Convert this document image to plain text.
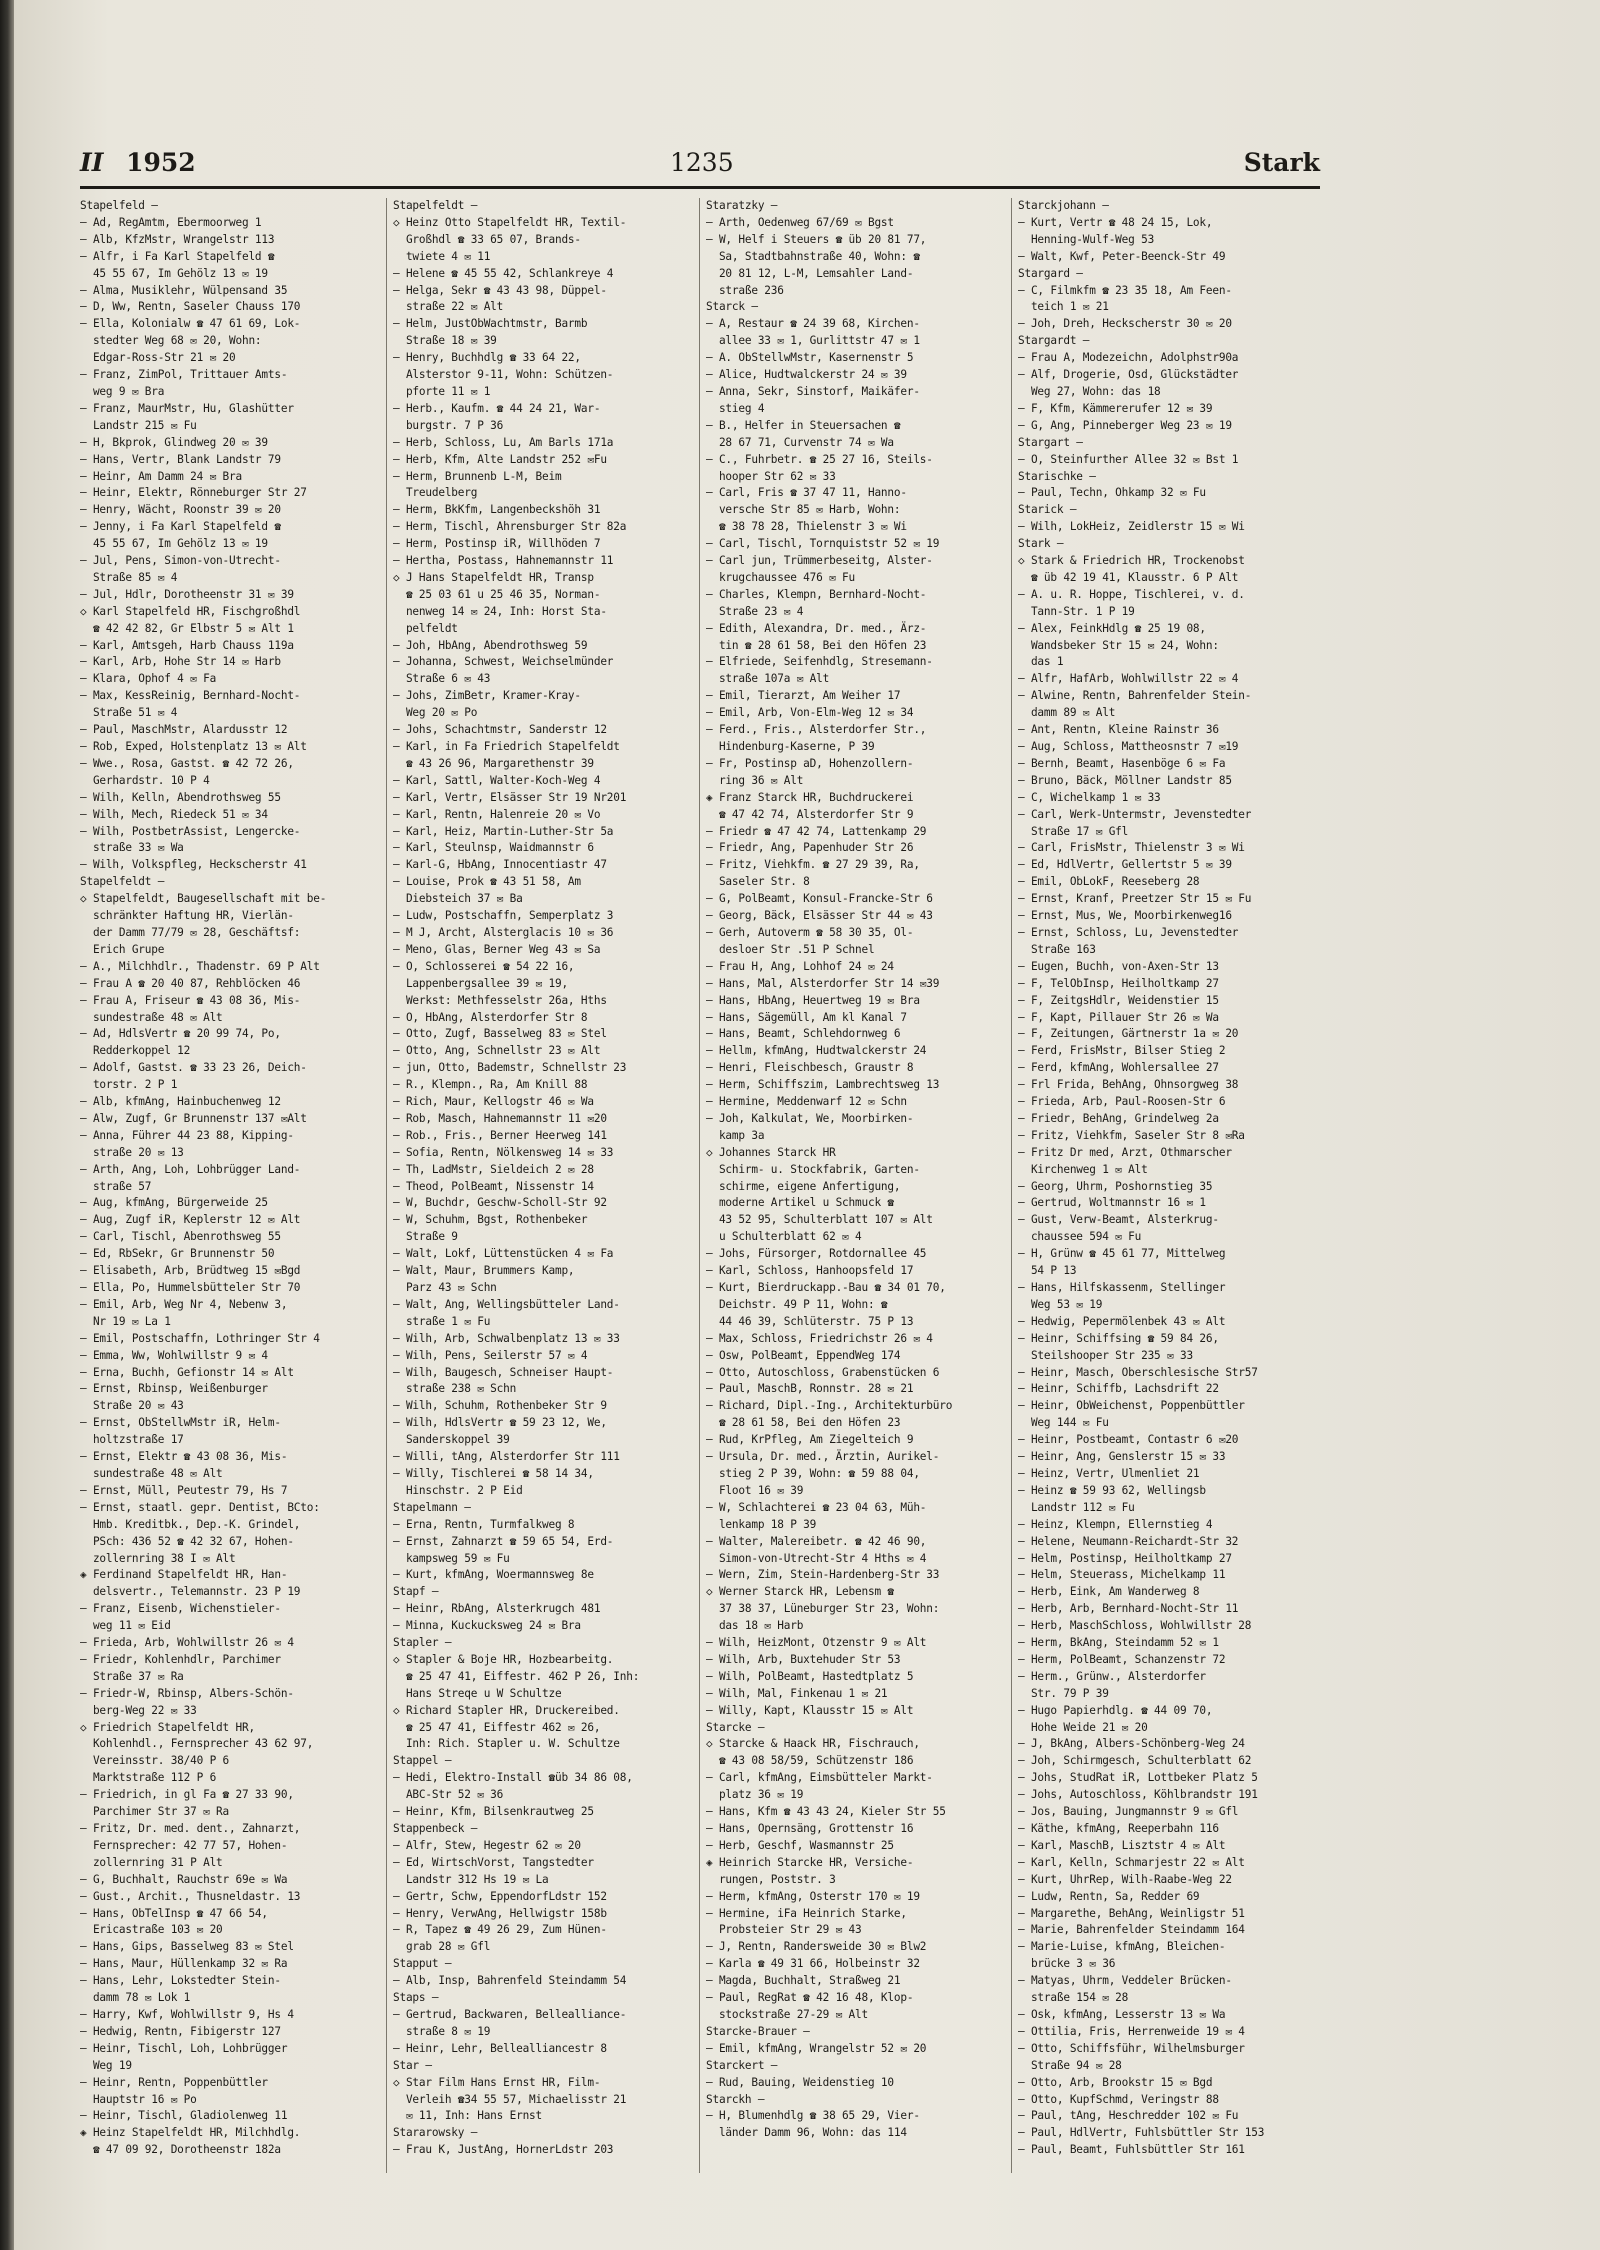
II 1952	1235	Stark
Stapelfeld —
— Ad, RegAmtm, Ebermoorweg 1
— Alb, KfzMstr, Wrangelstr 113
— Alfr, i Fa Karl Stapelfeld ☎
45 55 67, Im Gehölz 13 ✉ 19
— Alma, Musiklehr, Wülpensand 35
— D, Ww, Rentn, Saseler Chauss 170
— Ella, Kolonialw ☎ 47 61 69, Lok-
stedter Weg 68 ✉ 20, Wohn:
Edgar-Ross-Str 21 ✉ 20
— Franz, ZimPol, Trittauer Amts-
weg 9 ✉ Bra
— Franz, MaurMstr, Hu, Glashütter
Landstr 215 ✉ Fu
— H, Bkprok, Glindweg 20 ✉ 39
— Hans, Vertr, Blank Landstr 79
— Heinr, Am Damm 24 ✉ Bra
— Heinr, Elektr, Rönneburger Str 27
— Henry, Wächt, Roonstr 39 ✉ 20
— Jenny, i Fa Karl Stapelfeld ☎
45 55 67, Im Gehölz 13 ✉ 19
— Jul, Pens, Simon-von-Utrecht-
Straße 85 ✉ 4
— Jul, Hdlr, Dorotheenstr 31 ✉ 39
◇ Karl Stapelfeld HR, Fischgroßhdl
☎ 42 42 82, Gr Elbstr 5 ✉ Alt 1
— Karl, Amtsgeh, Harb Chauss 119a
— Karl, Arb, Hohe Str 14 ✉ Harb
— Klara, Ophof 4 ✉ Fa
— Max, KessReinig, Bernhard-Nocht-
Straße 51 ✉ 4
— Paul, MaschMstr, Alardusstr 12
— Rob, Exped, Holstenplatz 13 ✉ Alt
— Wwe., Rosa, Gastst. ☎ 42 72 26,
Gerhardstr. 10 P 4
— Wilh, Kelln, Abendrothsweg 55
— Wilh, Mech, Riedeck 51 ✉ 34
— Wilh, PostbetrAssist, Lengercke-
straße 33 ✉ Wa
— Wilh, Volkspfleg, Heckscherstr 41
Stapelfeldt —
◇ Stapelfeldt, Baugesellschaft mit be-
schränkter Haftung HR, Vierlän-
der Damm 77/79 ✉ 28, Geschäftsf:
Erich Grupe
— A., Milchhdlr., Thadenstr. 69 P Alt
— Frau A ☎ 20 40 87, Rehblöcken 46
— Frau A, Friseur ☎ 43 08 36, Mis-
sundestraße 48 ✉ Alt
— Ad, HdlsVertr ☎ 20 99 74, Po,
Redderkoppel 12
— Adolf, Gastst. ☎ 33 23 26, Deich-
torstr. 2 P 1
— Alb, kfmAng, Hainbuchenweg 12
— Alw, Zugf, Gr Brunnenstr 137 ✉Alt
— Anna, Führer 44 23 88, Kipping-
straße 20 ✉ 13
— Arth, Ang, Loh, Lohbrügger Land-
straße 57
— Aug, kfmAng, Bürgerweide 25
— Aug, Zugf iR, Keplerstr 12 ✉ Alt
— Carl, Tischl, Abenrothsweg 55
— Ed, RbSekr, Gr Brunnenstr 50
— Elisabeth, Arb, Brüdtweg 15 ✉Bgd
— Ella, Po, Hummelsbütteler Str 70
— Emil, Arb, Weg Nr 4, Nebenw 3,
Nr 19 ✉ La 1
— Emil, Postschaffn, Lothringer Str 4
— Emma, Ww, Wohlwillstr 9 ✉ 4
— Erna, Buchh, Gefionstr 14 ✉ Alt
— Ernst, Rbinsp, Weißenburger
Straße 20 ✉ 43
— Ernst, ObStellwMstr iR, Helm-
holtzstraße 17
— Ernst, Elektr ☎ 43 08 36, Mis-
sundestraße 48 ✉ Alt
— Ernst, Müll, Peutestr 79, Hs 7
— Ernst, staatl. gepr. Dentist, BCto:
Hmb. Kreditbk., Dep.-K. Grindel,
PSch: 436 52 ☎ 42 32 67, Hohen-
zollernring 38 I ✉ Alt
◈ Ferdinand Stapelfeldt HR, Han-
delsvertr., Telemannstr. 23 P 19
— Franz, Eisenb, Wichenstieler-
weg 11 ✉ Eid
— Frieda, Arb, Wohlwillstr 26 ✉ 4
— Friedr, Kohlenhdlr, Parchimer
Straße 37 ✉ Ra
— Friedr-W, Rbinsp, Albers-Schön-
berg-Weg 22 ✉ 33
◇ Friedrich Stapelfeldt HR,
Kohlenhdl., Fernsprecher 43 62 97,
Vereinsstr. 38/40 P 6
Marktstraße 112 P 6
— Friedrich, in gl Fa ☎ 27 33 90,
Parchimer Str 37 ✉ Ra
— Fritz, Dr. med. dent., Zahnarzt,
Fernsprecher: 42 77 57, Hohen-
zollernring 31 P Alt
— G, Buchhalt, Rauchstr 69e ✉ Wa
— Gust., Archit., Thusneldastr. 13
— Hans, ObTelInsp ☎ 47 66 54,
Ericastraße 103 ✉ 20
— Hans, Gips, Basselweg 83 ✉ Stel
— Hans, Maur, Hüllenkamp 32 ✉ Ra
— Hans, Lehr, Lokstedter Stein-
damm 78 ✉ Lok 1
— Harry, Kwf, Wohlwillstr 9, Hs 4
— Hedwig, Rentn, Fibigerstr 127
— Heinr, Tischl, Loh, Lohbrügger
Weg 19
— Heinr, Rentn, Poppenbüttler
Hauptstr 16 ✉ Po
— Heinr, Tischl, Gladiolenweg 11
◈ Heinz Stapelfeldt HR, Milchhdlg.
☎ 47 09 92, Dorotheenstr 182a
Stapelfeldt —
◇ Heinz Otto Stapelfeldt HR, Textil-
Großhdl ☎ 33 65 07, Brands-
twiete 4 ✉ 11
— Helene ☎ 45 55 42, Schlankreye 4
— Helga, Sekr ☎ 43 43 98, Düppel-
straße 22 ✉ Alt
— Helm, JustObWachtmstr, Barmb
Straße 18 ✉ 39
— Henry, Buchhdlg ☎ 33 64 22,
Alsterstor 9-11, Wohn: Schützen-
pforte 11 ✉ 1
— Herb., Kaufm. ☎ 44 24 21, War-
burgstr. 7 P 36
— Herb, Schloss, Lu, Am Barls 171a
— Herb, Kfm, Alte Landstr 252 ✉Fu
— Herm, Brunnenb L-M, Beim
Treudelberg
— Herm, BkKfm, Langenbeckshöh 31
— Herm, Tischl, Ahrensburger Str 82a
— Herm, Postinsp iR, Willhöden 7
— Hertha, Postass, Hahnemannstr 11
◇ J Hans Stapelfeldt HR, Transp
☎ 25 03 61 u 25 46 35, Norman-
nenweg 14 ✉ 24, Inh: Horst Sta-
pelfeldt
— Joh, HbAng, Abendrothsweg 59
— Johanna, Schwest, Weichselmünder
Straße 6 ✉ 43
— Johs, ZimBetr, Kramer-Kray-
Weg 20 ✉ Po
— Johs, Schachtmstr, Sanderstr 12
— Karl, in Fa Friedrich Stapelfeldt
☎ 43 26 96, Margarethenstr 39
— Karl, Sattl, Walter-Koch-Weg 4
— Karl, Vertr, Elsässer Str 19 Nr201
— Karl, Rentn, Halenreie 20 ✉ Vo
— Karl, Heiz, Martin-Luther-Str 5a
— Karl, Steulnsp, Waidmannstr 6
— Karl-G, HbAng, Innocentiastr 47
— Louise, Prok ☎ 43 51 58, Am
Diebsteich 37 ✉ Ba
— Ludw, Postschaffn, Semperplatz 3
— M J, Archt, Alsterglacis 10 ✉ 36
— Meno, Glas, Berner Weg 43 ✉ Sa
— O, Schlosserei ☎ 54 22 16,
Lappenbergsallee 39 ✉ 19,
Werkst: Methfesselstr 26a, Hths
— O, HbAng, Alsterdorfer Str 8
— Otto, Zugf, Basselweg 83 ✉ Stel
— Otto, Ang, Schnellstr 23 ✉ Alt
— jun, Otto, Bademstr, Schnellstr 23
— R., Klempn., Ra, Am Knill 88
— Rich, Maur, Kellogstr 46 ✉ Wa
— Rob, Masch, Hahnemannstr 11 ✉20
— Rob., Fris., Berner Heerweg 141
— Sofia, Rentn, Nölkensweg 14 ✉ 33
— Th, LadMstr, Sieldeich 2 ✉ 28
— Theod, PolBeamt, Nissenstr 14
— W, Buchdr, Geschw-Scholl-Str 92
— W, Schuhm, Bgst, Rothenbeker
Straße 9
— Walt, Lokf, Lüttenstücken 4 ✉ Fa
— Walt, Maur, Brummers Kamp,
Parz 43 ✉ Schn
— Walt, Ang, Wellingsbütteler Land-
straße 1 ✉ Fu
— Wilh, Arb, Schwalbenplatz 13 ✉ 33
— Wilh, Pens, Seilerstr 57 ✉ 4
— Wilh, Baugesch, Schneiser Haupt-
straße 238 ✉ Schn
— Wilh, Schuhm, Rothenbeker Str 9
— Wilh, HdlsVertr ☎ 59 23 12, We,
Sanderskoppel 39
— Willi, tAng, Alsterdorfer Str 111
— Willy, Tischlerei ☎ 58 14 34,
Hinschstr. 2 P Eid
Stapelmann —
— Erna, Rentn, Turmfalkweg 8
— Ernst, Zahnarzt ☎ 59 65 54, Erd-
kampsweg 59 ✉ Fu
— Kurt, kfmAng, Woermannsweg 8e
Stapf —
— Heinr, RbAng, Alsterkrugch 481
— Minna, Kuckucksweg 24 ✉ Bra
Stapler —
◇ Stapler & Boje HR, Hozbearbeitg.
☎ 25 47 41, Eiffestr. 462 P 26, Inh:
Hans Streqe u W Schultze
◇ Richard Stapler HR, Druckereibed.
☎ 25 47 41, Eiffestr 462 ✉ 26,
Inh: Rich. Stapler u. W. Schultze
Stappel —
— Hedi, Elektro-Install ☎üb 34 86 08,
ABC-Str 52 ✉ 36
— Heinr, Kfm, Bilsenkrautweg 25
Stappenbeck —
— Alfr, Stew, Hegestr 62 ✉ 20
— Ed, WirtschVorst, Tangstedter
Landstr 312 Hs 19 ✉ La
— Gertr, Schw, EppendorfLdstr 152
— Henry, VerwAng, Hellwigstr 158b
— R, Tapez ☎ 49 26 29, Zum Hünen-
grab 28 ✉ Gfl
Stapput —
— Alb, Insp, Bahrenfeld Steindamm 54
Staps —
— Gertrud, Backwaren, Bellealliance-
straße 8 ✉ 19
— Heinr, Lehr, Bellealliancestr 8
Star —
◇ Star Film Hans Ernst HR, Film-
Verleih ☎34 55 57, Michaelisstr 21
✉ 11, Inh: Hans Ernst
Stararowsky —
— Frau K, JustAng, HornerLdstr 203
Staratzky —
— Arth, Oedenweg 67/69 ✉ Bgst
— W, Helf i Steuers ☎ üb 20 81 77,
Sa, Stadtbahnstraße 40, Wohn: ☎
20 81 12, L-M, Lemsahler Land-
straße 236
Starck —
— A, Restaur ☎ 24 39 68, Kirchen-
allee 33 ✉ 1, Gurlittstr 47 ✉ 1
— A. ObStellwMstr, Kasernenstr 5
— Alice, Hudtwalckerstr 24 ✉ 39
— Anna, Sekr, Sinstorf, Maikäfer-
stieg 4
— B., Helfer in Steuersachen ☎
28 67 71, Curvenstr 74 ✉ Wa
— C., Fuhrbetr. ☎ 25 27 16, Steils-
hooper Str 62 ✉ 33
— Carl, Fris ☎ 37 47 11, Hanno-
versche Str 85 ✉ Harb, Wohn:
☎ 38 78 28, Thielenstr 3 ✉ Wi
— Carl, Tischl, Tornquiststr 52 ✉ 19
— Carl jun, Trümmerbeseitg, Alster-
krugchaussee 476 ✉ Fu
— Charles, Klempn, Bernhard-Nocht-
Straße 23 ✉ 4
— Edith, Alexandra, Dr. med., Ärz-
tin ☎ 28 61 58, Bei den Höfen 23
— Elfriede, Seifenhdlg, Stresemann-
straße 107a ✉ Alt
— Emil, Tierarzt, Am Weiher 17
— Emil, Arb, Von-Elm-Weg 12 ✉ 34
— Ferd., Fris., Alsterdorfer Str.,
Hindenburg-Kaserne, P 39
— Fr, Postinsp aD, Hohenzollern-
ring 36 ✉ Alt
◈ Franz Starck HR, Buchdruckerei
☎ 47 42 74, Alsterdorfer Str 9
— Friedr ☎ 47 42 74, Lattenkamp 29
— Friedr, Ang, Papenhuder Str 26
— Fritz, Viehkfm. ☎ 27 29 39, Ra,
Saseler Str. 8
— G, PolBeamt, Konsul-Francke-Str 6
— Georg, Bäck, Elsässer Str 44 ✉ 43
— Gerh, Autoverm ☎ 58 30 35, Ol-
desloer Str .51 P Schnel
— Frau H, Ang, Lohhof 24 ✉ 24
— Hans, Mal, Alsterdorfer Str 14 ✉39
— Hans, HbAng, Heuertweg 19 ✉ Bra
— Hans, Sägemüll, Am kl Kanal 7
— Hans, Beamt, Schlehdornweg 6
— Hellm, kfmAng, Hudtwalckerstr 24
— Henri, Fleischbesch, Graustr 8
— Herm, Schiffszim, Lambrechtsweg 13
— Hermine, Meddenwarf 12 ✉ Schn
— Joh, Kalkulat, We, Moorbirken-
kamp 3a
◇ Johannes Starck HR
Schirm- u. Stockfabrik, Garten-
schirme, eigene Anfertigung,
moderne Artikel u Schmuck ☎
43 52 95, Schulterblatt 107 ✉ Alt
u Schulterblatt 62 ✉ 4
— Johs, Fürsorger, Rotdornallee 45
— Karl, Schloss, Hanhoopsfeld 17
— Kurt, Bierdruckapp.-Bau ☎ 34 01 70,
Deichstr. 49 P 11, Wohn: ☎
44 46 39, Schlüterstr. 75 P 13
— Max, Schloss, Friedrichstr 26 ✉ 4
— Osw, PolBeamt, EppendWeg 174
— Otto, Autoschloss, Grabenstücken 6
— Paul, MaschB, Ronnstr. 28 ✉ 21
— Richard, Dipl.-Ing., Architekturbüro
☎ 28 61 58, Bei den Höfen 23
— Rud, KrPfleg, Am Ziegelteich 9
— Ursula, Dr. med., Ärztin, Aurikel-
stieg 2 P 39, Wohn: ☎ 59 88 04,
Floot 16 ✉ 39
— W, Schlachterei ☎ 23 04 63, Müh-
lenkamp 18 P 39
— Walter, Malereibetr. ☎ 42 46 90,
Simon-von-Utrecht-Str 4 Hths ✉ 4
— Wern, Zim, Stein-Hardenberg-Str 33
◇ Werner Starck HR, Lebensm ☎
37 38 37, Lüneburger Str 23, Wohn:
das 18 ✉ Harb
— Wilh, HeizMont, Otzenstr 9 ✉ Alt
— Wilh, Arb, Buxtehuder Str 53
— Wilh, PolBeamt, Hastedtplatz 5
— Wilh, Mal, Finkenau 1 ✉ 21
— Willy, Kapt, Klausstr 15 ✉ Alt
Starcke —
◇ Starcke & Haack HR, Fischrauch,
☎ 43 08 58/59, Schützenstr 186
— Carl, kfmAng, Eimsbütteler Markt-
platz 36 ✉ 19
— Hans, Kfm ☎ 43 43 24, Kieler Str 55
— Hans, Opernsäng, Grottenstr 16
— Herb, Geschf, Wasmannstr 25
◈ Heinrich Starcke HR, Versiche-
rungen, Poststr. 3
— Herm, kfmAng, Osterstr 170 ✉ 19
— Hermine, iFa Heinrich Starke,
Probsteier Str 29 ✉ 43
— J, Rentn, Randersweide 30 ✉ Blw2
— Karla ☎ 49 31 66, Holbeinstr 32
— Magda, Buchhalt, Straßweg 21
— Paul, RegRat ☎ 42 16 48, Klop-
stockstraße 27-29 ✉ Alt
Starcke-Brauer —
— Emil, kfmAng, Wrangelstr 52 ✉ 20
Starckert —
— Rud, Bauing, Weidenstieg 10
Starckh —
— H, Blumenhdlg ☎ 38 65 29, Vier-
länder Damm 96, Wohn: das 114
Starckjohann —
— Kurt, Vertr ☎ 48 24 15, Lok,
Henning-Wulf-Weg 53
— Walt, Kwf, Peter-Beenck-Str 49
Stargard —
— C, Filmkfm ☎ 23 35 18, Am Feen-
teich 1 ✉ 21
— Joh, Dreh, Heckscherstr 30 ✉ 20
Stargardt —
— Frau A, Modezeichn, Adolphstr90a
— Alf, Drogerie, Osd, Glückstädter
Weg 27, Wohn: das 18
— F, Kfm, Kämmererufer 12 ✉ 39
— G, Ang, Pinneberger Weg 23 ✉ 19
Stargart —
— O, Steinfurther Allee 32 ✉ Bst 1
Starischke —
— Paul, Techn, Ohkamp 32 ✉ Fu
Starick —
— Wilh, LokHeiz, Zeidlerstr 15 ✉ Wi
Stark —
◇ Stark & Friedrich HR, Trockenobst
☎ üb 42 19 41, Klausstr. 6 P Alt
— A. u. R. Hoppe, Tischlerei, v. d.
Tann-Str. 1 P 19
— Alex, FeinkHdlg ☎ 25 19 08,
Wandsbeker Str 15 ✉ 24, Wohn:
das 1
— Alfr, HafArb, Wohlwillstr 22 ✉ 4
— Alwine, Rentn, Bahrenfelder Stein-
damm 89 ✉ Alt
— Ant, Rentn, Kleine Rainstr 36
— Aug, Schloss, Mattheosnstr 7 ✉19
— Bernh, Beamt, Hasenböge 6 ✉ Fa
— Bruno, Bäck, Möllner Landstr 85
— C, Wichelkamp 1 ✉ 33
— Carl, Werk-Untermstr, Jevenstedter
Straße 17 ✉ Gfl
— Carl, FrisMstr, Thielenstr 3 ✉ Wi
— Ed, HdlVertr, Gellertstr 5 ✉ 39
— Emil, ObLokF, Reeseberg 28
— Ernst, Kranf, Preetzer Str 15 ✉ Fu
— Ernst, Mus, We, Moorbirkenweg16
— Ernst, Schloss, Lu, Jevenstedter
Straße 163
— Eugen, Buchh, von-Axen-Str 13
— F, TelObInsp, Heilholtkamp 27
— F, ZeitgsHdlr, Weidenstier 15
— F, Kapt, Pillauer Str 26 ✉ Wa
— F, Zeitungen, Gärtnerstr 1a ✉ 20
— Ferd, FrisMstr, Bilser Stieg 2
— Ferd, kfmAng, Wohlersallee 27
— Frl Frida, BehAng, Ohnsorgweg 38
— Frieda, Arb, Paul-Roosen-Str 6
— Friedr, BehAng, Grindelweg 2a
— Fritz, Viehkfm, Saseler Str 8 ✉Ra
— Fritz Dr med, Arzt, Othmarscher
Kirchenweg 1 ✉ Alt
— Georg, Uhrm, Poshornstieg 35
— Gertrud, Woltmannstr 16 ✉ 1
— Gust, Verw-Beamt, Alsterkrug-
chaussee 594 ✉ Fu
— H, Grünw ☎ 45 61 77, Mittelweg
54 P 13
— Hans, Hilfskassenm, Stellinger
Weg 53 ✉ 19
— Hedwig, Pepermölenbek 43 ✉ Alt
— Heinr, Schiffsing ☎ 59 84 26,
Steilshooper Str 235 ✉ 33
— Heinr, Masch, Oberschlesische Str57
— Heinr, Schiffb, Lachsdrift 22
— Heinr, ObWeichenst, Poppenbüttler
Weg 144 ✉ Fu
— Heinr, Postbeamt, Contastr 6 ✉20
— Heinr, Ang, Genslerstr 15 ✉ 33
— Heinz, Vertr, Ulmenliet 21
— Heinz ☎ 59 93 62, Wellingsb
Landstr 112 ✉ Fu
— Heinz, Klempn, Ellernstieg 4
— Helene, Neumann-Reichardt-Str 32
— Helm, Postinsp, Heilholtkamp 27
— Helm, Steuerass, Michelkamp 11
— Herb, Eink, Am Wanderweg 8
— Herb, Arb, Bernhard-Nocht-Str 11
— Herb, MaschSchloss, Wohlwillstr 28
— Herm, BkAng, Steindamm 52 ✉ 1
— Herm, PolBeamt, Schanzenstr 72
— Herm., Grünw., Alsterdorfer
Str. 79 P 39
— Hugo Papierhdlg. ☎ 44 09 70,
Hohe Weide 21 ✉ 20
— J, BkAng, Albers-Schönberg-Weg 24
— Joh, Schirmgesch, Schulterblatt 62
— Johs, StudRat iR, Lottbeker Platz 5
— Johs, Autoschloss, Köhlbrandstr 191
— Jos, Bauing, Jungmannstr 9 ✉ Gfl
— Käthe, kfmAng, Reeperbahn 116
— Karl, MaschB, Lisztstr 4 ✉ Alt
— Karl, Kelln, Schmarjestr 22 ✉ Alt
— Kurt, UhrRep, Wilh-Raabe-Weg 22
— Ludw, Rentn, Sa, Redder 69
— Margarethe, BehAng, Weinligstr 51
— Marie, Bahrenfelder Steindamm 164
— Marie-Luise, kfmAng, Bleichen-
brücke 3 ✉ 36
— Matyas, Uhrm, Veddeler Brücken-
straße 154 ✉ 28
— Osk, kfmAng, Lesserstr 13 ✉ Wa
— Ottilia, Fris, Herrenweide 19 ✉ 4
— Otto, Schiffsführ, Wilhelmsburger
Straße 94 ✉ 28
— Otto, Arb, Brookstr 15 ✉ Bgd
— Otto, KupfSchmd, Veringstr 88
— Paul, tAng, Heschredder 102 ✉ Fu
— Paul, HdlVertr, Fuhlsbüttler Str 153
— Paul, Beamt, Fuhlsbüttler Str 161
